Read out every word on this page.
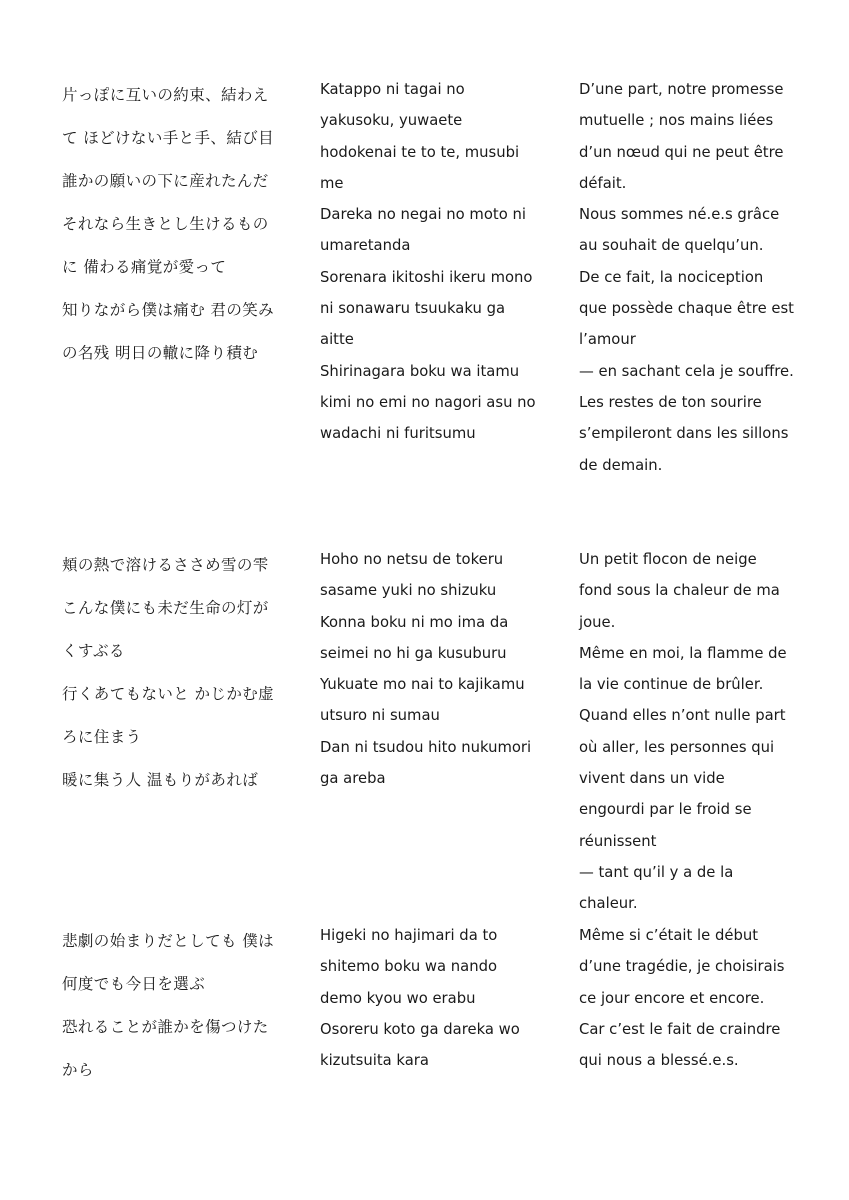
片っぽに互いの約束、結わえて ほどけない手と手、結び目

誰かの願いの下に産れたんだ

それなら生きとし生けるものに 備わる痛覚が愛って

知りながら僕は痛む 君の笑みの名残 明日の轍に降り積む

Katappo ni tagai no yakusoku, yuwaete hodokenai te to te, musubi me

Dareka no negai no moto ni umaretanda

Sorenara ikitoshi ikeru mono ni sonawaru tsuukaku ga aitte

Shirinagara boku wa itamu kimi no emi no nagori asu no wadachi ni furitsumu

D’une part, notre promesse mutuelle ; nos mains liées d’un nœud qui ne peut être défait.

Nous sommes né.e.s grâce au souhait de quelqu’un.

De ce fait, la nociception que possède chaque être est l’amour

— en sachant cela je souffre. Les restes de ton sourire s’empileront dans les sillons de demain.

頬の熱で溶けるささめ雪の雫

こんな僕にも未だ生命の灯がくすぶる

行くあてもないと かじかむ虚ろに住まう

暖に集う人 温もりがあれば

Hoho no netsu de tokeru sasame yuki no shizuku

Konna boku ni mo ima da seimei no hi ga kusuburu

Yukuate mo nai to kajikamu utsuro ni sumau

Dan ni tsudou hito nukumori ga areba

Un petit flocon de neige fond sous la chaleur de ma joue.

Même en moi, la flamme de la vie continue de brûler.

Quand elles n’ont nulle part où aller, les personnes qui vivent dans un vide engourdi par le froid se réunissent

— tant qu’il y a de la chaleur.

悲劇の始まりだとしても 僕は何度でも今日を選ぶ

恐れることが誰かを傷つけたから

Higeki no hajimari da to shitemo boku wa nando demo kyou wo erabu

Osoreru koto ga dareka wo kizutsuita kara

Même si c’était le début d’une tragédie, je choisirais ce jour encore et encore.

Car c’est le fait de craindre qui nous a blessé.e.s.
